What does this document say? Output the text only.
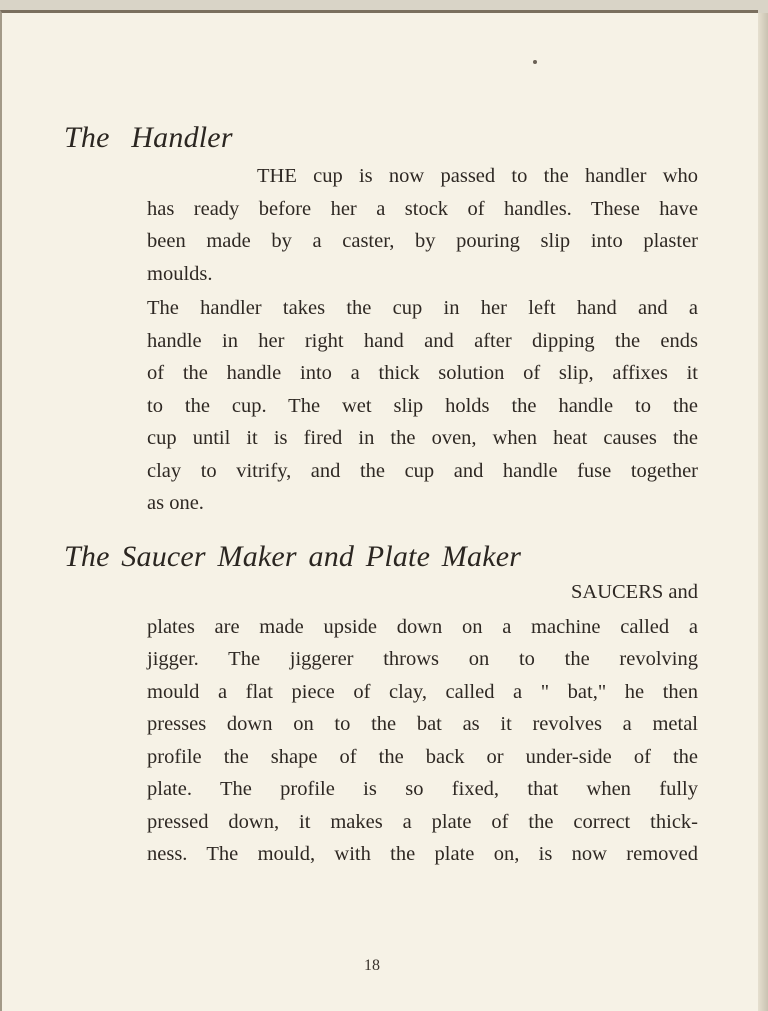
The Handler
THE cup is now passed to the handler who
has ready before her a stock of handles. These have
been made by a caster, by pouring slip into plaster
moulds.
The handler takes the cup in her left hand and a
handle in her right hand and after dipping the ends
of the handle into a thick solution of slip, affixes it
to the cup. The wet slip holds the handle to the
cup until it is fired in the oven, when heat causes the
clay to vitrify, and the cup and handle fuse together
as one.
The Saucer Maker and Plate Maker
SAUCERS and
plates are made upside down on a machine called a
jigger. The jiggerer throws on to the revolving
mould a flat piece of clay, called a " bat," he then
presses down on to the bat as it revolves a metal
profile the shape of the back or under-side of the
plate. The profile is so fixed, that when fully
pressed down, it makes a plate of the correct thick-
ness. The mould, with the plate on, is now removed
18
